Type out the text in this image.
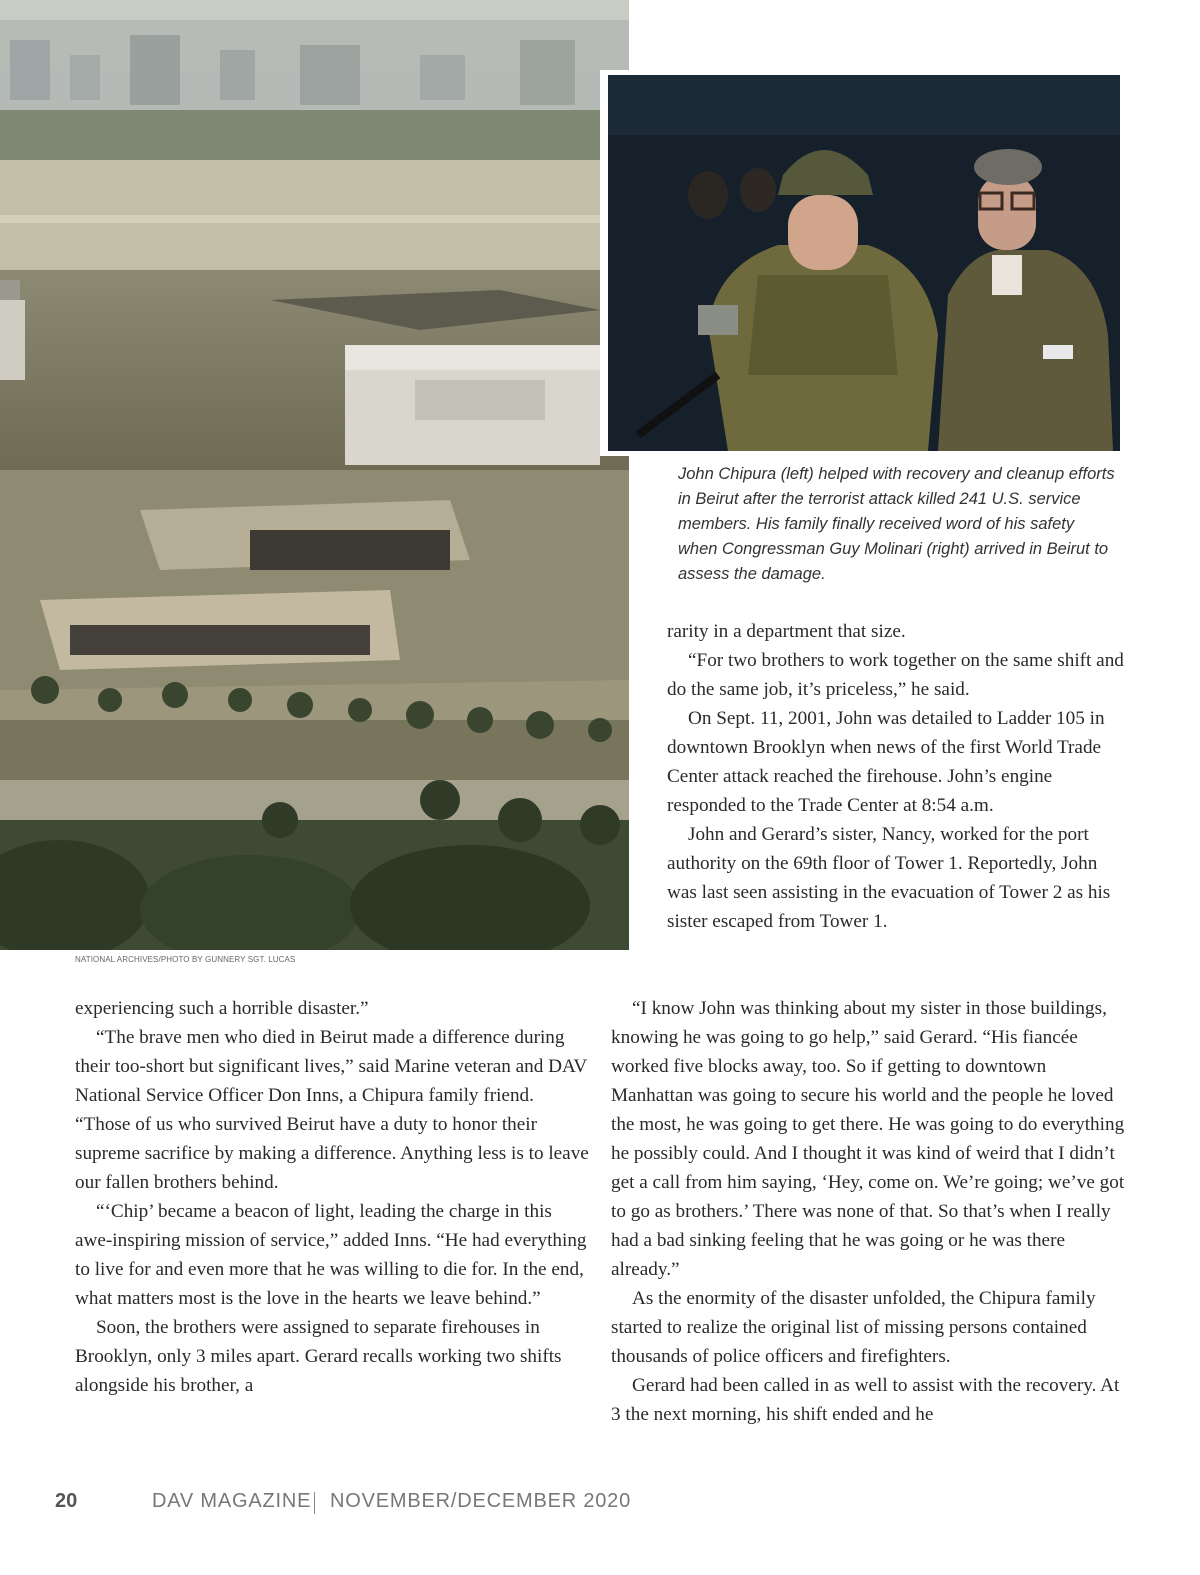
NATIONAL ARCHIVES/PHOTO BY GUNNERY SGT. LUCAS
John Chipura (left) helped with recovery and cleanup efforts in Beirut after the terrorist attack killed 241 U.S. service members. His family finally received word of his safety when Congressman Guy Molinari (right) arrived in Beirut to assess the damage.

rarity in a department that size.

“For two brothers to work together on the same shift and do the same job, it’s priceless,” he said.

On Sept. 11, 2001, John was detailed to Ladder 105 in downtown Brooklyn when news of the first World Trade Center attack reached the firehouse. John’s engine responded to the Trade Center at 8:54 a.m.

John and Gerard’s sister, Nancy, worked for the port authority on the 69th floor of Tower 1. Reportedly, John was last seen assisting in the evacuation of Tower 2 as his sister escaped from Tower 1.

experiencing such a horrible disaster.”

“The brave men who died in Beirut made a difference during their too-short but significant lives,” said Marine veteran and DAV National Service Officer Don Inns, a Chipura family friend. “Those of us who survived Beirut have a duty to honor their supreme sacrifice by making a difference. Anything less is to leave our fallen brothers behind.

“‘Chip’ became a beacon of light, leading the charge in this awe-inspiring mission of service,” added Inns. “He had everything to live for and even more that he was willing to die for. In the end, what matters most is the love in the hearts we leave behind.”

Soon, the brothers were assigned to separate firehouses in Brooklyn, only 3 miles apart. Gerard recalls working two shifts alongside his brother, a

“I know John was thinking about my sister in those buildings, knowing he was going to go help,” said Gerard. “His fiancée worked five blocks away, too. So if getting to downtown Manhattan was going to secure his world and the people he loved the most, he was going to get there. He was going to do everything he possibly could. And I thought it was kind of weird that I didn’t get a call from him saying, ‘Hey, come on. We’re going; we’ve got to go as brothers.’ There was none of that. So that’s when I really had a bad sinking feeling that he was going or he was there already.”

As the enormity of the disaster unfolded, the Chipura family started to realize the original list of missing persons contained thousands of police officers and firefighters.

Gerard had been called in as well to assist with the recovery. At 3 the next morning, his shift ended and he

20	DAV MAGAZINE NOVEMBER/DECEMBER 2020
